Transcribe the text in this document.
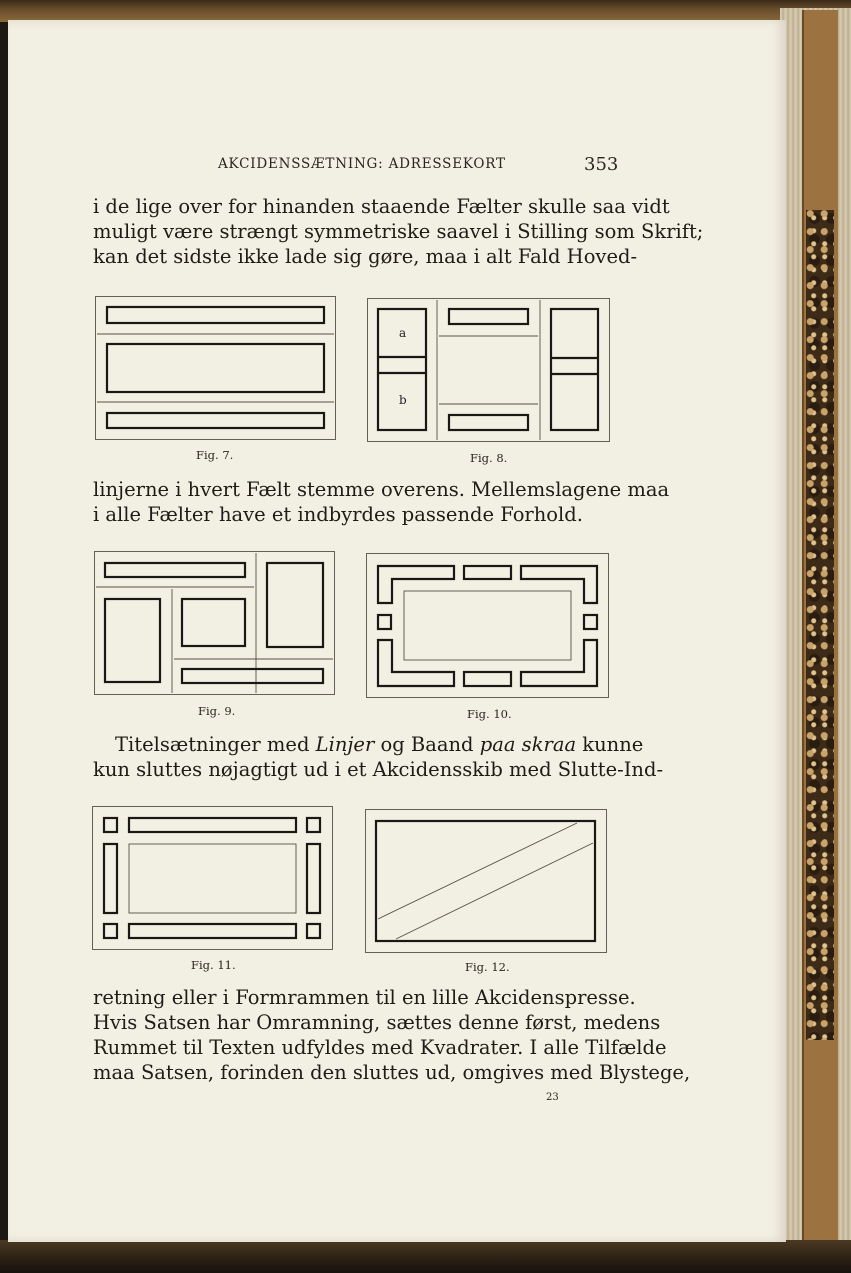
AKCIDENSSÆTNING: ADRESSEKORT	353

i de lige over for hinanden staaende Fælter skulle saa vidt
muligt være strængt symmetriske saavel i Stilling som Skrift;
kan det sidste ikke lade sig gøre, maa i alt Fald Hoved-

Fig. 7.
a
b
Fig. 8.

linjerne i hvert Fælt stemme overens. Mellemslagene maa
i alle Fælter have et indbyrdes passende Forhold.

Fig. 9.	Fig. 10.

Titelsætninger med Linjer og Baand paa skraa kunne
kun sluttes nøjagtigt ud i et Akcidensskib med Slutte-Ind-

Fig. 11.	Fig. 12.

retning eller i Formrammen til en lille Akcidenspresse.
Hvis Satsen har Omramning, sættes denne først, medens
Rummet til Texten udfyldes med Kvadrater. I alle Tilfælde
maa Satsen, forinden den sluttes ud, omgives med Blystege,

23
